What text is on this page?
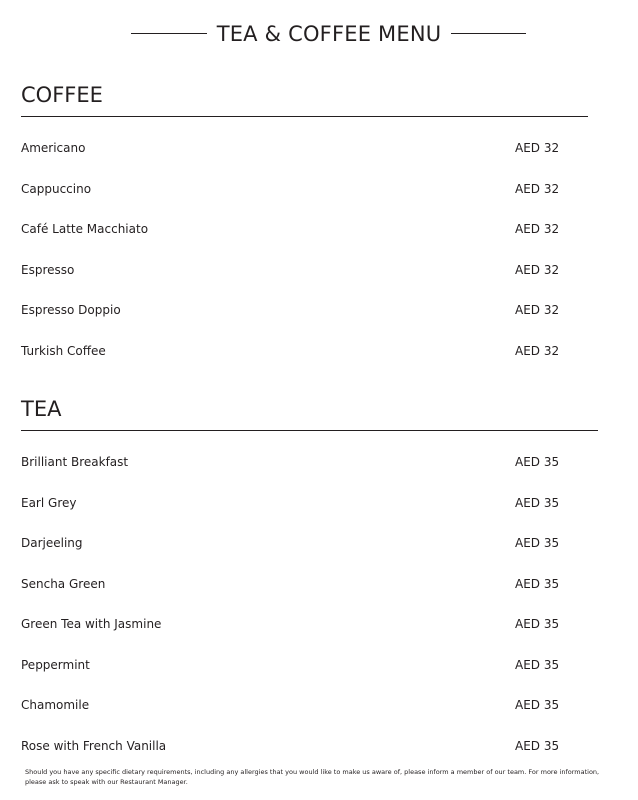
TEA & COFFEE MENU
COFFEE
Americano	AED 32
Cappuccino	AED 32
Café Latte Macchiato	AED 32
Espresso	AED 32
Espresso Doppio	AED 32
Turkish Coffee	AED 32
TEA
Brilliant Breakfast	AED 35
Earl Grey	AED 35
Darjeeling	AED 35
Sencha Green	AED 35
Green Tea with Jasmine	AED 35
Peppermint	AED 35
Chamomile	AED 35
Rose with French Vanilla	AED 35
Should you have any specific dietary requirements, including any allergies that you would like to make us aware of, please inform a member of our team. For more information, please ask to speak with our Restaurant Manager.
